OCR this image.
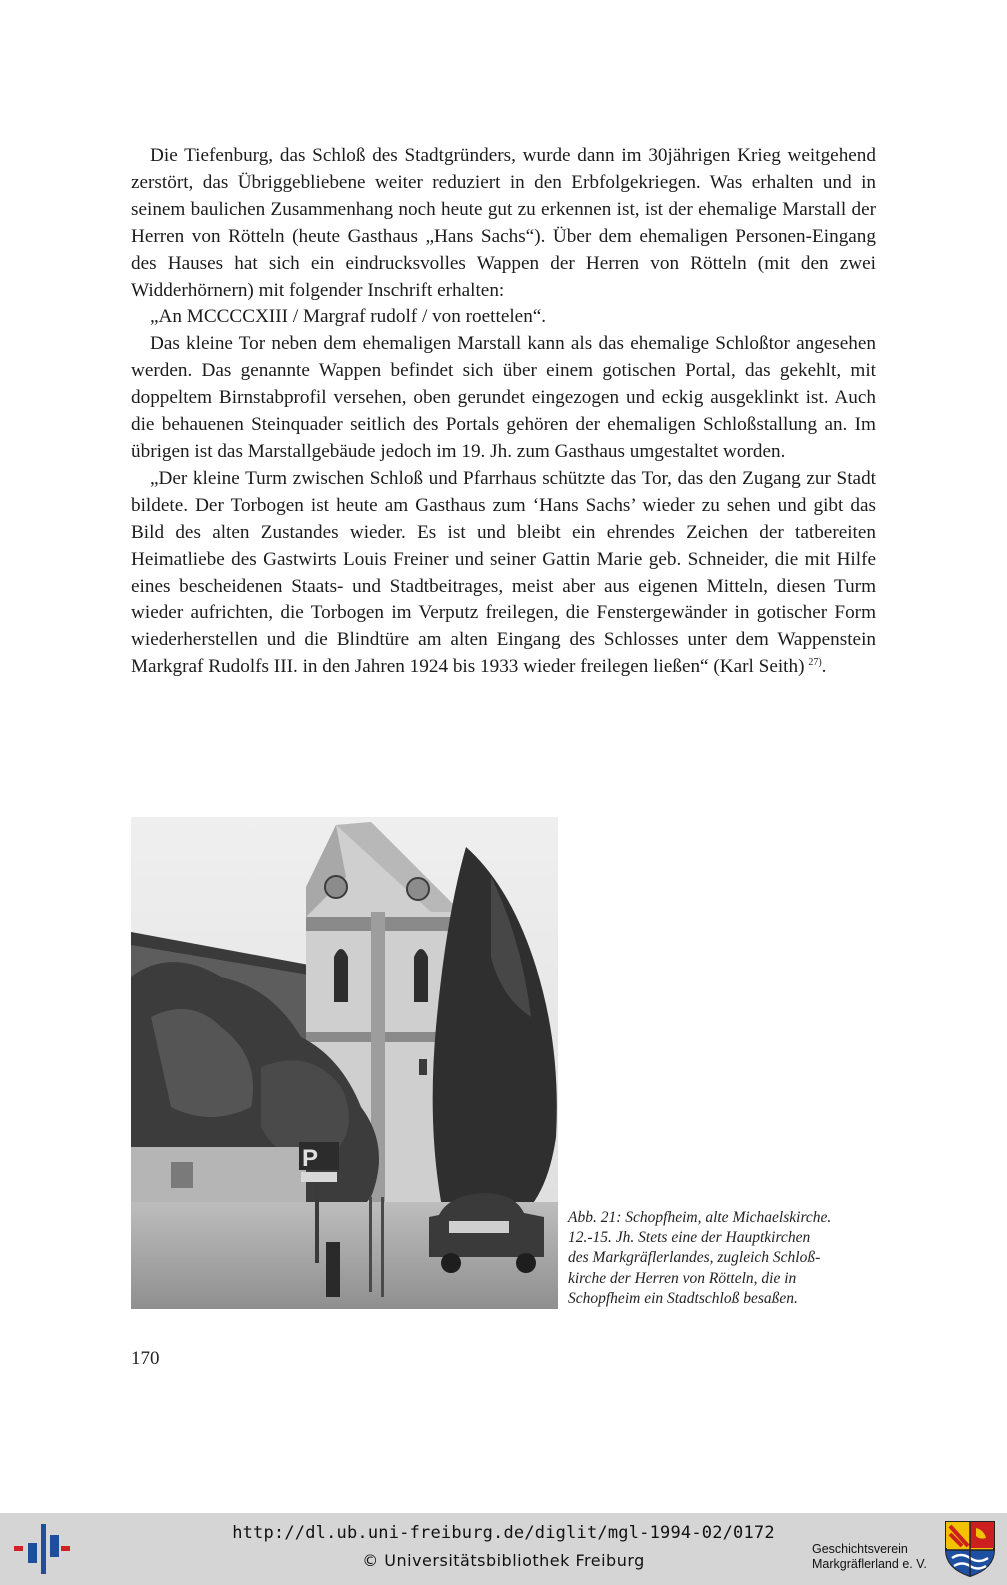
Die Tiefenburg, das Schloß des Stadtgründers, wurde dann im 30jährigen Krieg weitgehend zerstört, das Übriggebliebene weiter reduziert in den Erbfolgekriegen. Was erhalten und in seinem baulichen Zusammenhang noch heute gut zu erkennen ist, ist der ehemalige Marstall der Herren von Rötteln (heute Gasthaus „Hans Sachs“). Über dem ehemaligen Personen-Eingang des Hauses hat sich ein eindrucksvolles Wappen der Herren von Rötteln (mit den zwei Widderhörnern) mit folgender Inschrift erhalten:

„An MCCCCXIII / Margraf rudolf / von roettelen“.

Das kleine Tor neben dem ehemaligen Marstall kann als das ehemalige Schloßtor angesehen werden. Das genannte Wappen befindet sich über einem gotischen Portal, das gekehlt, mit doppeltem Birnstabprofil versehen, oben gerundet eingezogen und eckig ausgeklinkt ist. Auch die behauenen Steinquader seitlich des Portals gehören der ehemaligen Schloßstallung an. Im übrigen ist das Marstallgebäude jedoch im 19. Jh. zum Gasthaus umgestaltet worden.

„Der kleine Turm zwischen Schloß und Pfarrhaus schützte das Tor, das den Zugang zur Stadt bildete. Der Torbogen ist heute am Gasthaus zum ‘Hans Sachs’ wieder zu sehen und gibt das Bild des alten Zustandes wieder. Es ist und bleibt ein ehrendes Zeichen der tatbereiten Heimatliebe des Gastwirts Louis Freiner und seiner Gattin Marie geb. Schneider, die mit Hilfe eines bescheidenen Staats- und Stadtbeitrages, meist aber aus eigenen Mitteln, diesen Turm wieder aufrichten, die Torbogen im Verputz freilegen, die Fenstergewänder in gotischer Form wiederherstellen und die Blindtüre am alten Eingang des Schlosses unter dem Wappenstein Markgraf Rudolfs III. in den Jahren 1924 bis 1933 wieder freilegen ließen“ (Karl Seith)  $^{27)}$.

P
Abb. 21: Schopfheim, alte Michaelskirche.
12.-15. Jh. Stets eine der Hauptkirchen
des Markgräflerlandes, zugleich Schloß-
kirche der Herren von Rötteln, die in
Schopfheim ein Stadtschloß besaßen.
170
http://dl.ub.uni-freiburg.de/diglit/mgl-1994-02/0172
© Universitätsbibliothek Freiburg
Geschichtsverein
Markgräflerland e. V.
